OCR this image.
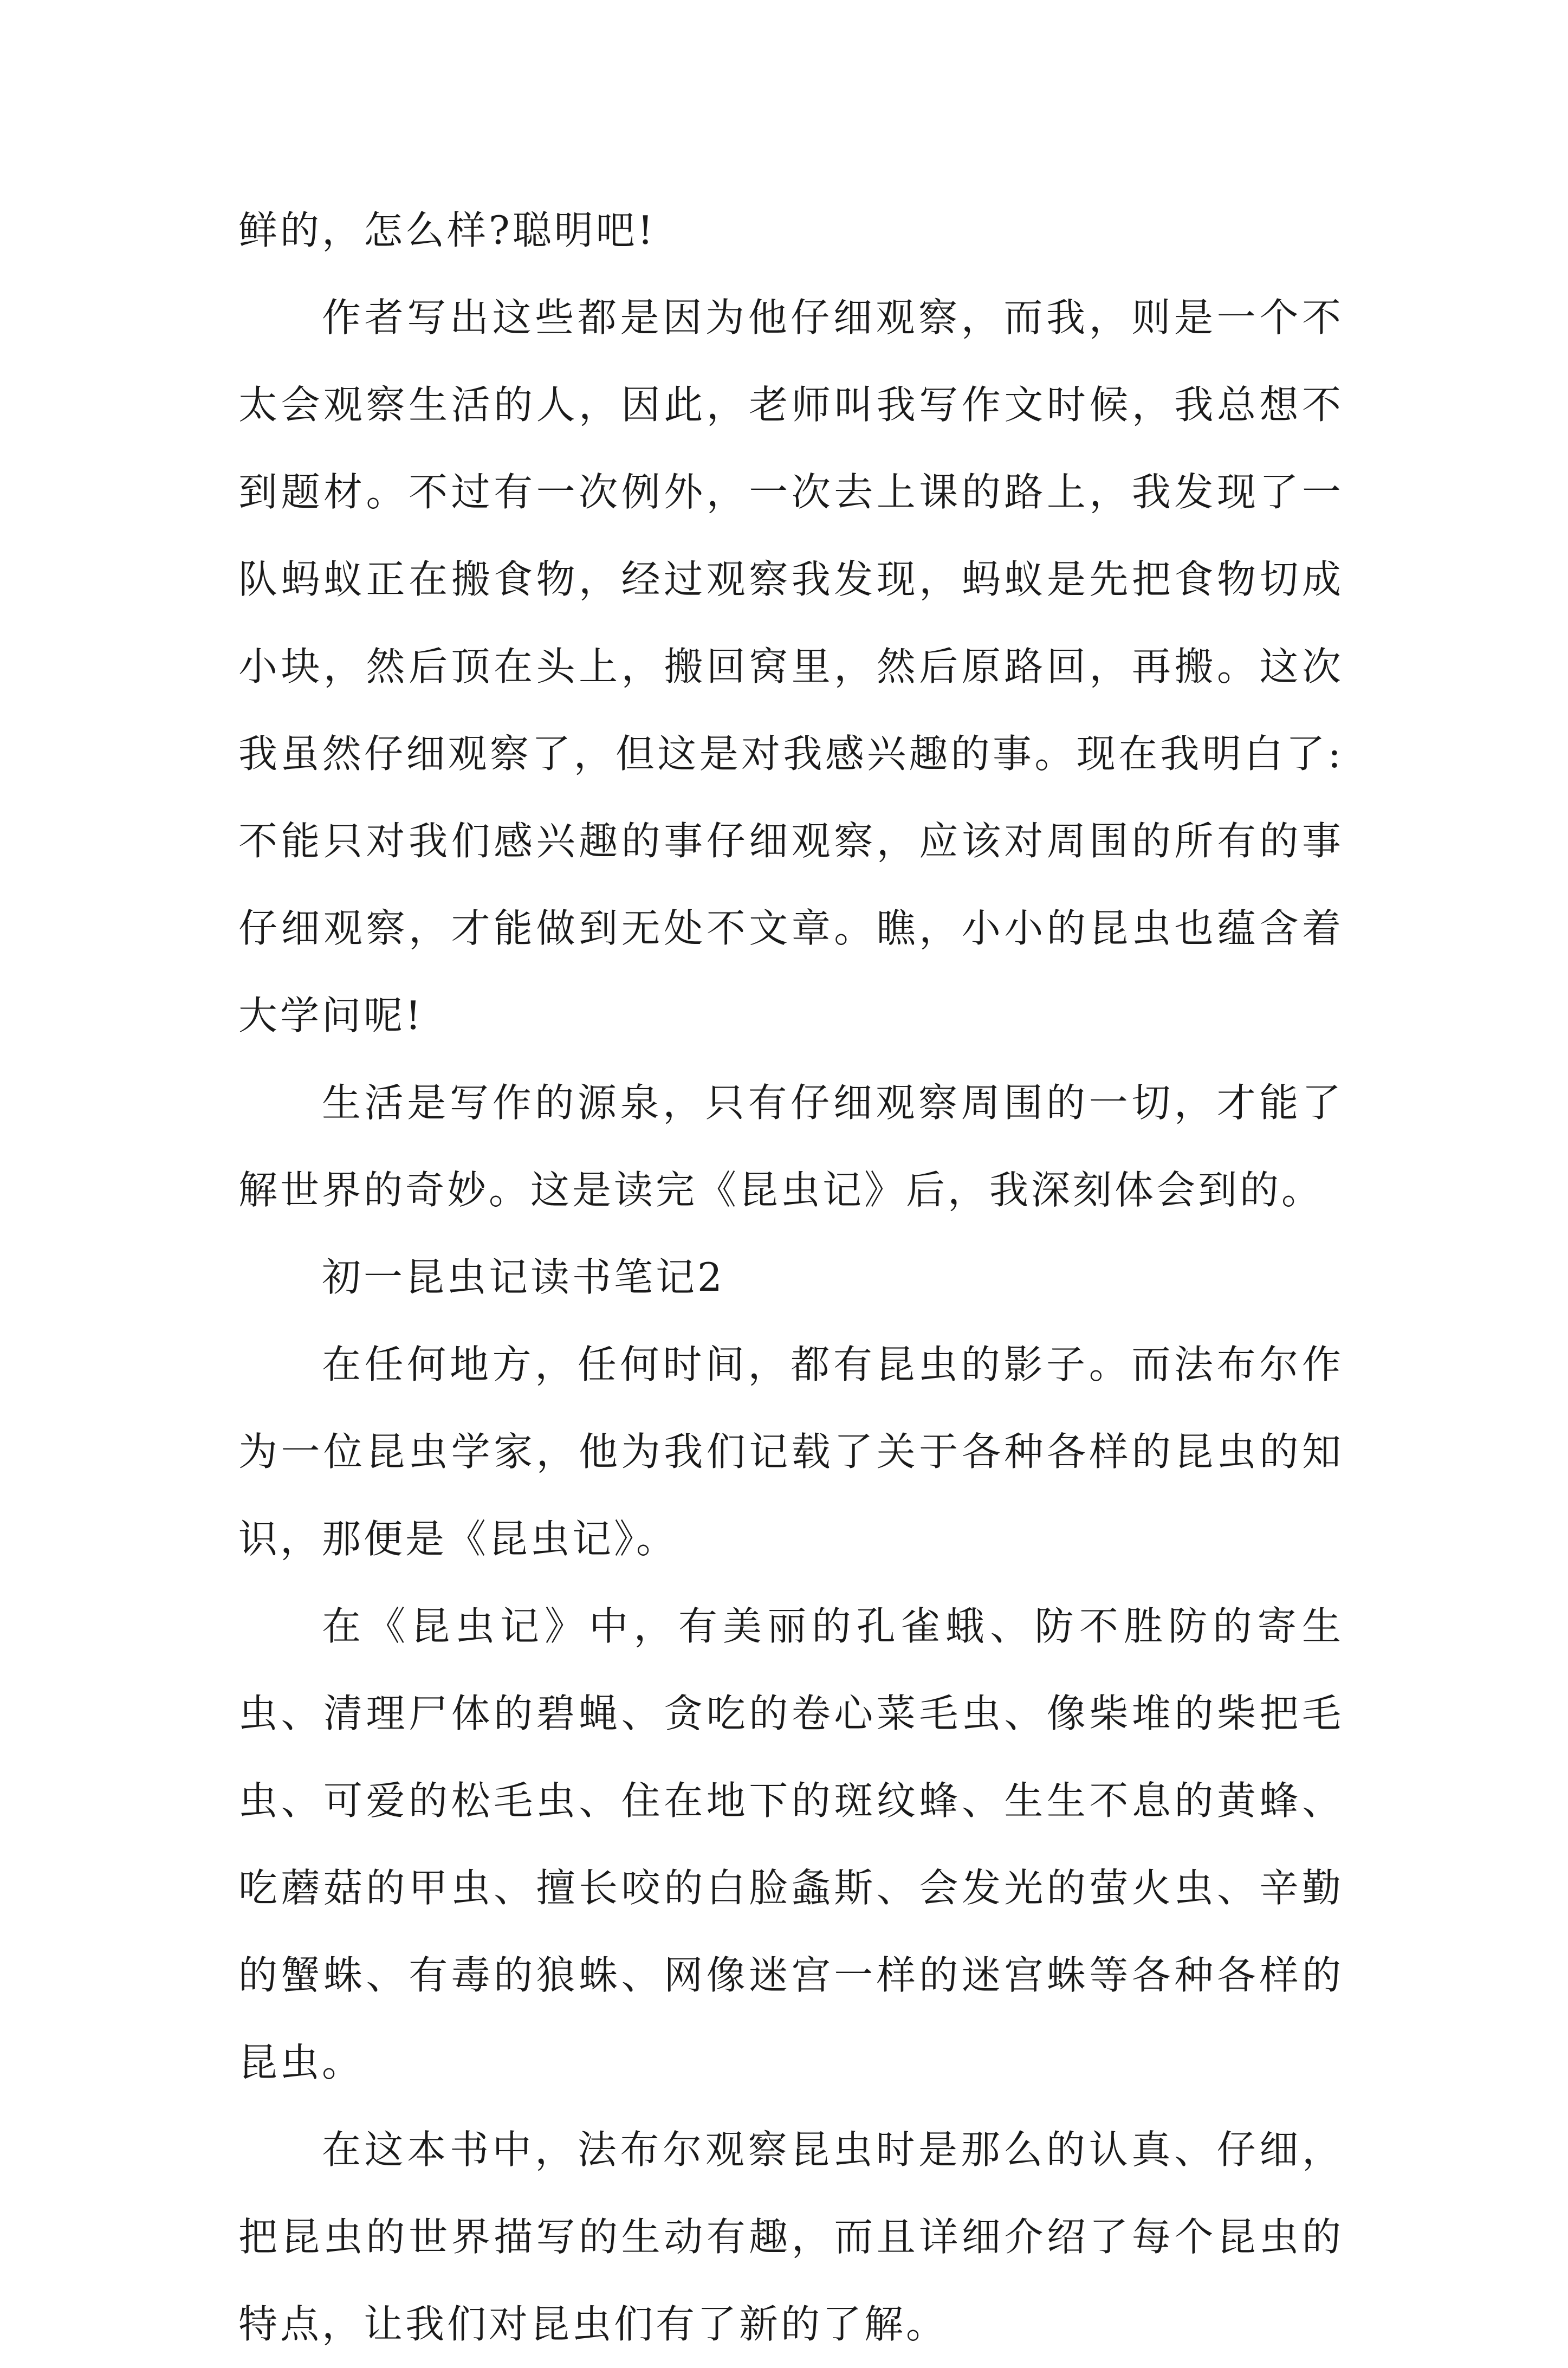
鲜的，怎么样?聪明吧!

作者写出这些都是因为他仔细观察，而我，则是一个不太会观察生活的人，因此，老师叫我写作文时候，我总想不到题材。不过有一次例外，一次去上课的路上，我发现了一队蚂蚁正在搬食物，经过观察我发现，蚂蚁是先把食物切成小块，然后顶在头上，搬回窝里，然后原路回，再搬。这次我虽然仔细观察了，但这是对我感兴趣的事。现在我明白了:不能只对我们感兴趣的事仔细观察，应该对周围的所有的事仔细观察，才能做到无处不文章。瞧，小小的昆虫也蕴含着大学问呢!

生活是写作的源泉，只有仔细观察周围的一切，才能了解世界的奇妙。这是读完《昆虫记》后，我深刻体会到的。

初一昆虫记读书笔记2

在任何地方，任何时间，都有昆虫的影子。而法布尔作为一位昆虫学家，他为我们记载了关于各种各样的昆虫的知识，那便是《昆虫记》。

在《昆虫记》中，有美丽的孔雀蛾、防不胜防的寄生虫、清理尸体的碧蝇、贪吃的卷心菜毛虫、像柴堆的柴把毛虫、可爱的松毛虫、住在地下的斑纹蜂、生生不息的黄蜂、吃蘑菇的甲虫、擅长咬的白脸螽斯、会发光的萤火虫、辛勤的蟹蛛、有毒的狼蛛、网像迷宫一样的迷宫蛛等各种各样的昆虫。

在这本书中，法布尔观察昆虫时是那么的认真、仔细，把昆虫的世界描写的生动有趣，而且详细介绍了每个昆虫的特点，让我们对昆虫们有了新的了解。
